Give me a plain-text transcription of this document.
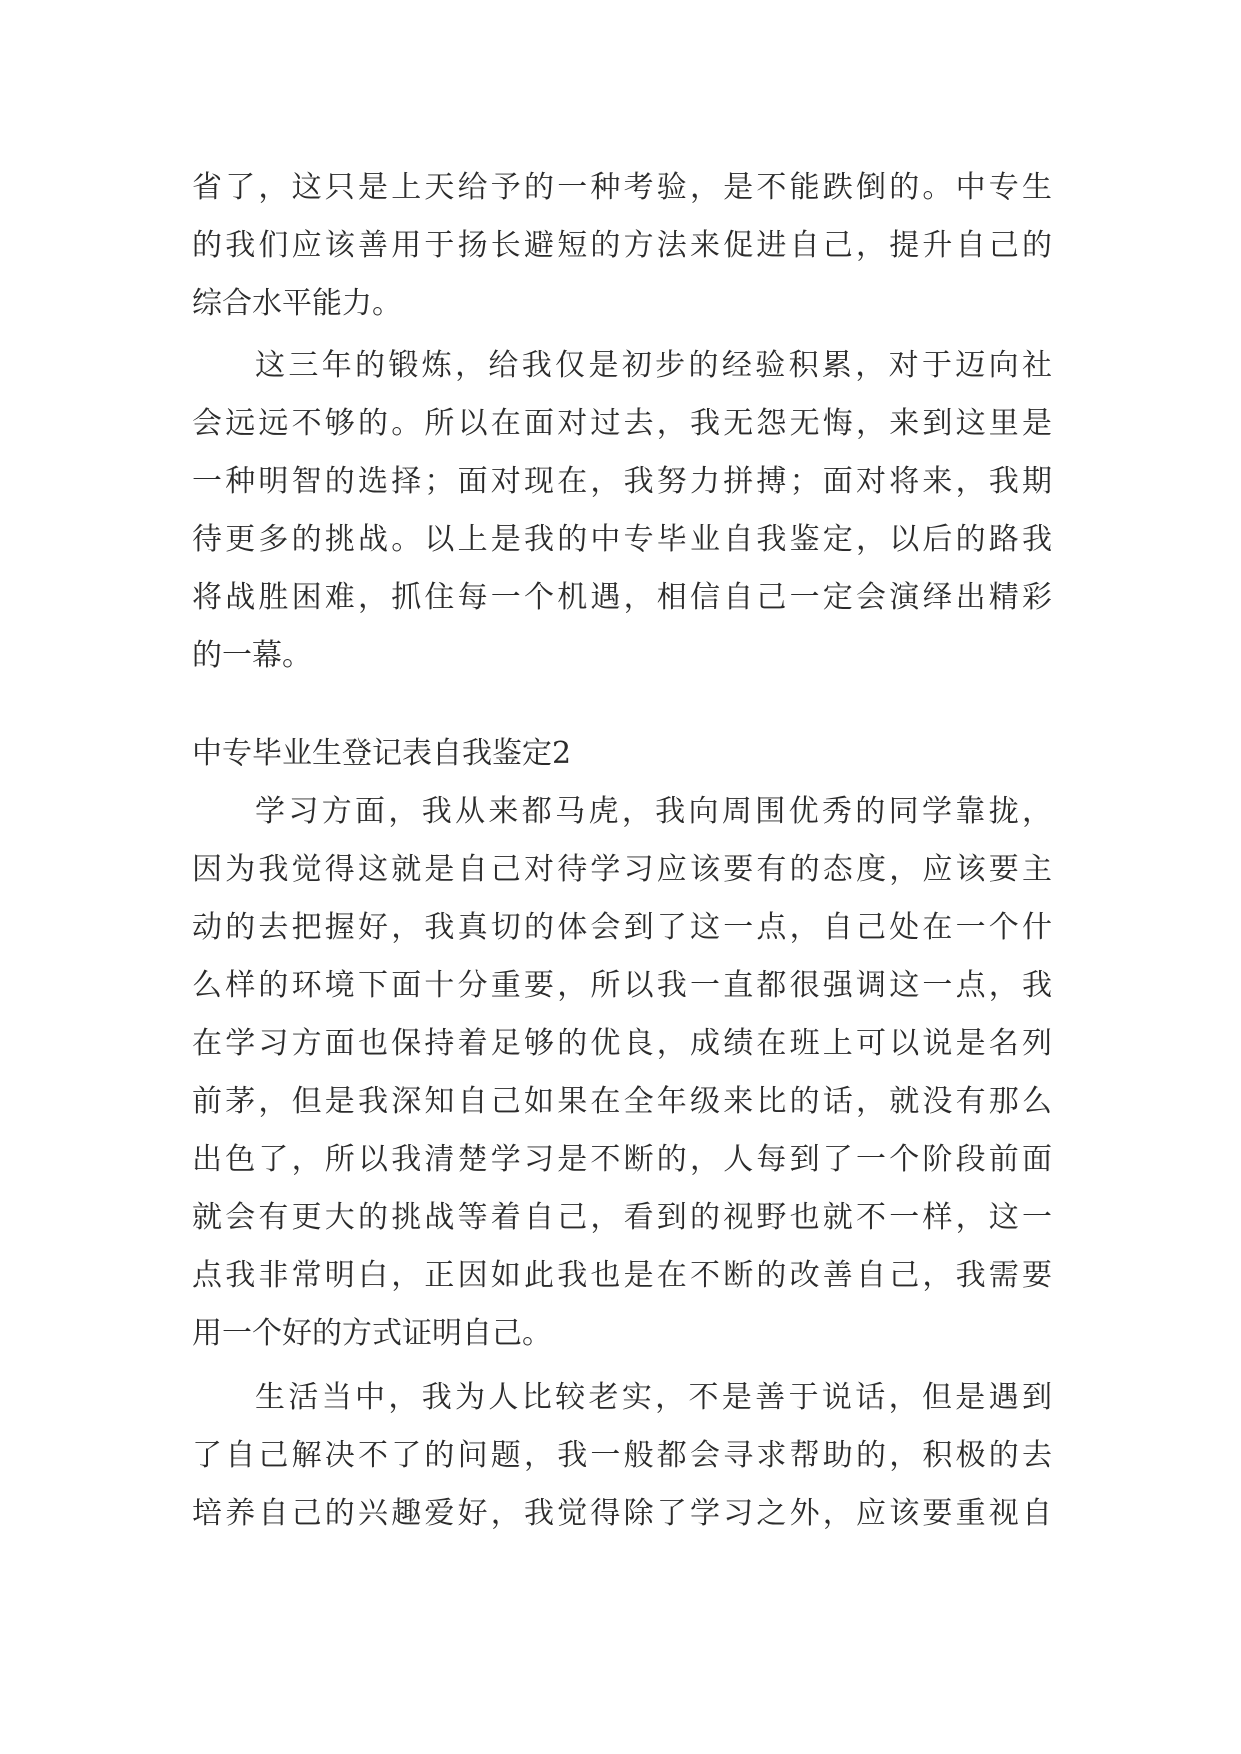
省了，这只是上天给予的一种考验，是不能跌倒的。中专生
的我们应该善用于扬长避短的方法来促进自己，提升自己的
综合水平能力。
这三年的锻炼，给我仅是初步的经验积累，对于迈向社
会远远不够的。所以在面对过去，我无怨无悔，来到这里是
一种明智的选择；面对现在，我努力拼搏；面对将来，我期
待更多的挑战。以上是我的中专毕业自我鉴定，以后的路我
将战胜困难，抓住每一个机遇，相信自己一定会演绎出精彩
的一幕。
中专毕业生登记表自我鉴定2
学习方面，我从来都马虎，我向周围优秀的同学靠拢，
因为我觉得这就是自己对待学习应该要有的态度，应该要主
动的去把握好，我真切的体会到了这一点，自己处在一个什
么样的环境下面十分重要，所以我一直都很强调这一点，我
在学习方面也保持着足够的优良，成绩在班上可以说是名列
前茅，但是我深知自己如果在全年级来比的话，就没有那么
出色了，所以我清楚学习是不断的，人每到了一个阶段前面
就会有更大的挑战等着自己，看到的视野也就不一样，这一
点我非常明白，正因如此我也是在不断的改善自己，我需要
用一个好的方式证明自己。
生活当中，我为人比较老实，不是善于说话，但是遇到
了自己解决不了的问题，我一般都会寻求帮助的，积极的去
培养自己的兴趣爱好，我觉得除了学习之外，应该要重视自
